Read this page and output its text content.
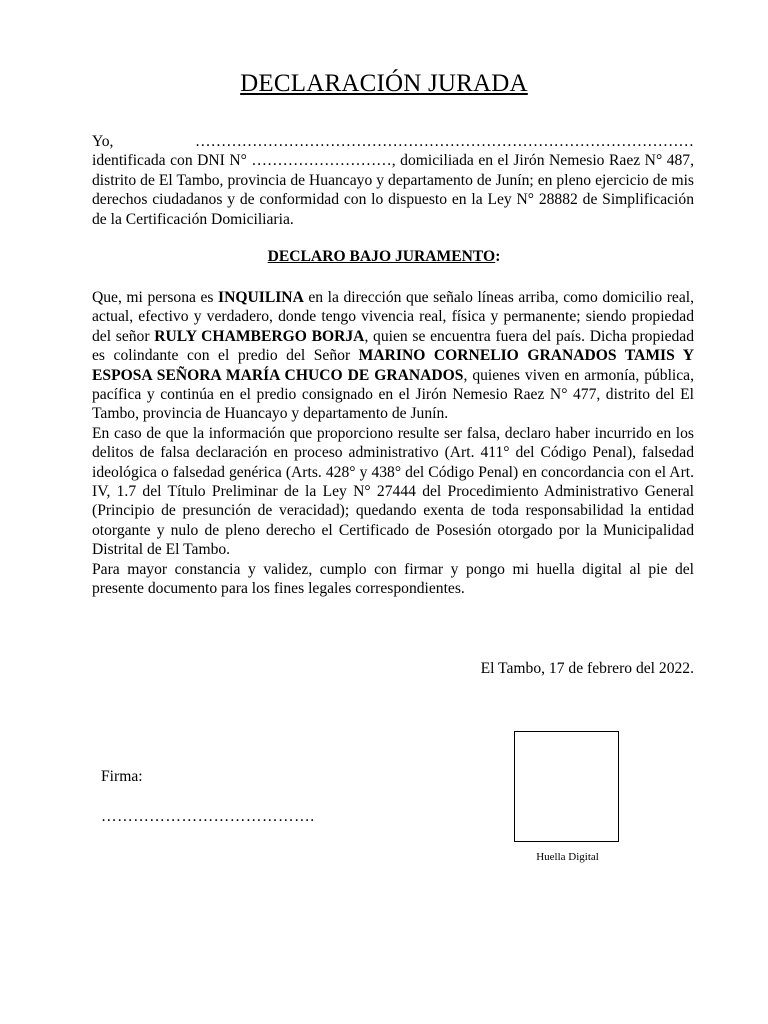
DECLARACIÓN JURADA

Yo,	…………………………………………………………………………………… identificada con DNI N° ………………………, domiciliada en el Jirón Nemesio Raez N° 487, distrito de El Tambo, provincia de Huancayo y departamento de Junín; en pleno ejercicio de mis derechos ciudadanos y de conformidad con lo dispuesto en la Ley N° 28882 de Simplificación de la Certificación Domiciliaria.

DECLARO BAJO JURAMENTO:

Que, mi persona es INQUILINA en la dirección que señalo líneas arriba, como domicilio real, actual, efectivo y verdadero, donde tengo vivencia real, física y permanente; siendo propiedad del señor RULY CHAMBERGO BORJA, quien se encuentra fuera del país. Dicha propiedad es colindante con el predio del Señor MARINO CORNELIO GRANADOS TAMIS Y ESPOSA SEÑORA MARÍA CHUCO DE GRANADOS, quienes viven en armonía, pública, pacífica y continúa en el predio consignado en el Jirón Nemesio Raez N° 477, distrito del El Tambo, provincia de Huancayo y departamento de Junín.

En caso de que la información que proporciono resulte ser falsa, declaro haber incurrido en los delitos de falsa declaración en proceso administrativo (Art. 411° del Código Penal), falsedad ideológica o falsedad genérica (Arts. 428° y 438° del Código Penal) en concordancia con el Art. IV, 1.7 del Título Preliminar de la Ley N° 27444 del Procedimiento Administrativo General (Principio de presunción de veracidad); quedando exenta de toda responsabilidad la entidad otorgante y nulo de pleno derecho el Certificado de Posesión otorgado por la Municipalidad Distrital de El Tambo.

Para mayor constancia y validez, cumplo con firmar y pongo mi huella digital al pie del presente documento para los fines legales correspondientes.

El Tambo, 17 de febrero del 2022.

Firma:
………………………………….
Huella Digital
